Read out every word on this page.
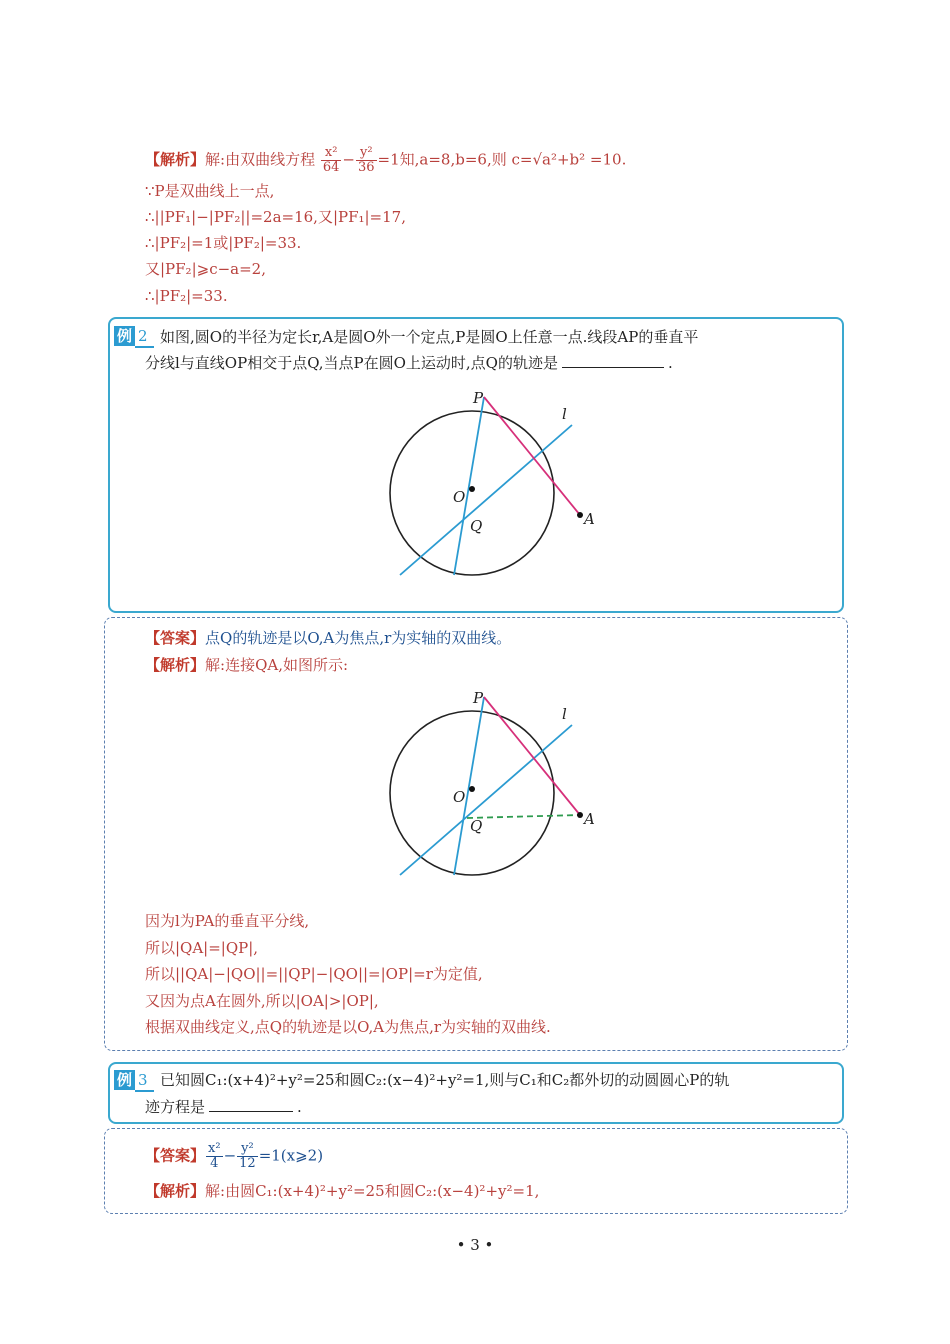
【解析】解:由双曲线方程 $\frac{\text{x²}}{64} - \frac{\text{y²}}{36} =1$知,a=8,b=6,则 c=√a²+b² =10.
∵P是双曲线上一点,
∴||PF₁|−|PF₂||=2a=16,又|PF₁|=17,
∴|PF₂|=1或|PF₂|=33.
又|PF₂|⩾c−a=2,
∴|PF₂|=33.
例 2 如图,圆O的半径为定长r,A是圆O外一个定点,P是圆O上任意一点.线段AP的垂直平
分线l与直线OP相交于点Q,当点P在圆O上运动时,点Q的轨迹是	.
P
l
O
Q	A
【答案】点Q的轨迹是以O,A为焦点,r为实轴的双曲线。
【解析】解:连接QA,如图所示:
P
l
O
Q	A
因为l为PA的垂直平分线,
所以|QA|=|QP|,
所以||QA|−|QO||=||QP|−|QO||=|OP|=r为定值,
又因为点A在圆外,所以|OA|>|OP|,
根据双曲线定义,点Q的轨迹是以O,A为焦点,r为实轴的双曲线.
例 3 已知圆C₁:(x+4)²+y²=25和圆C₂:(x−4)²+y²=1,则与C₁和C₂都外切的动圆圆心P的轨
迹方程是	.
【答案】 $\frac{\text{x²}}{4} - \frac{\text{y²}}{12}$ =1(x⩾2)
【解析】解:由圆C₁:(x+4)²+y²=25和圆C₂:(x−4)²+y²=1,
• 3 •
